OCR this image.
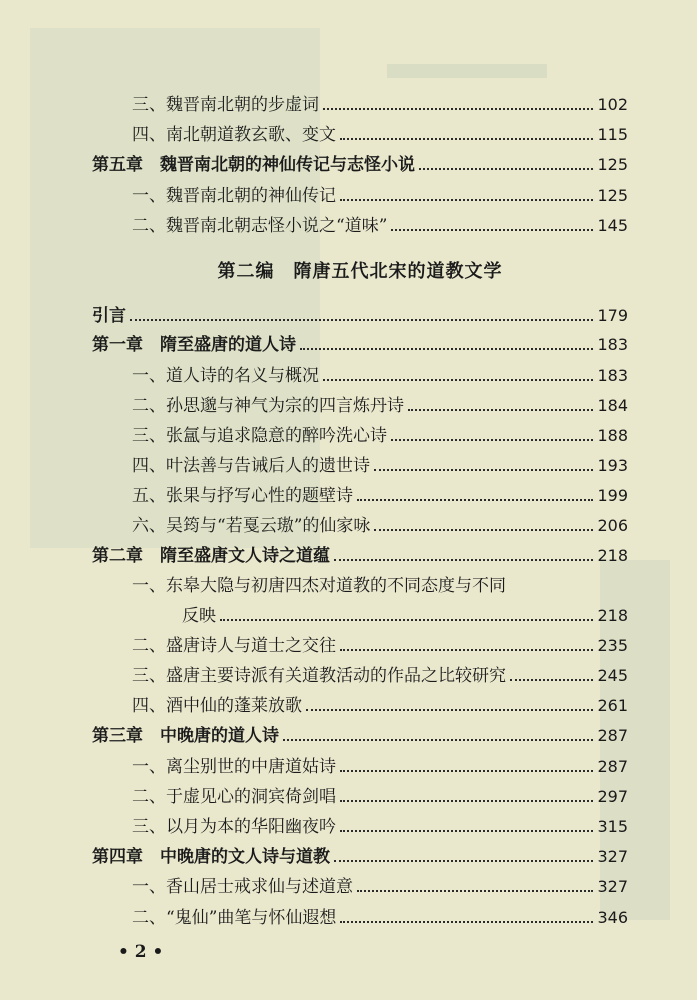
第二编　隋唐五代北宋的道教文学
三、魏晋南北朝的步虚词	102
四、南北朝道教玄歌、变文	115
第五章　魏晋南北朝的神仙传记与志怪小说	125
一、魏晋南北朝的神仙传记	125
二、魏晋南北朝志怪小说之“道味”	145
引言	179
第一章　隋至盛唐的道人诗	183
一、道人诗的名义与概况	183
二、孙思邈与神气为宗的四言炼丹诗	184
三、张氲与追求隐意的醉吟洗心诗	188
四、叶法善与告诫后人的遗世诗	193
五、张果与抒写心性的题壁诗	199
六、吴筠与“若戛云璈”的仙家咏	206
第二章　隋至盛唐文人诗之道蕴	218
一、东皋大隐与初唐四杰对道教的不同态度与不同
反映	218
二、盛唐诗人与道士之交往	235
三、盛唐主要诗派有关道教活动的作品之比较研究	245
四、酒中仙的蓬莱放歌	261
第三章　中晚唐的道人诗	287
一、离尘别世的中唐道姑诗	287
二、于虚见心的洞宾倚剑唱	297
三、以月为本的华阳幽夜吟	315
第四章　中晚唐的文人诗与道教	327
一、香山居士戒求仙与述道意	327
二、“鬼仙”曲笔与怀仙遐想	346
• 2 •
